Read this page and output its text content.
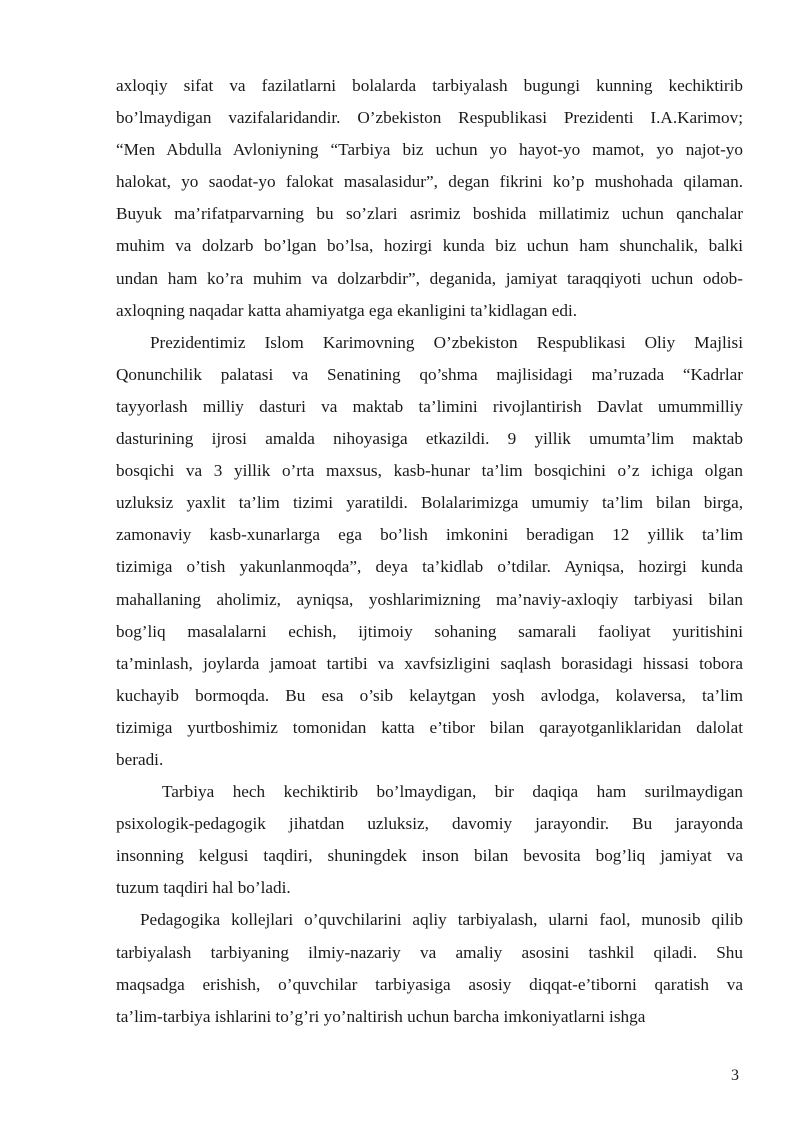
axloqiy sifat va fazilatlarni bolalarda tarbiyalash bugungi kunning kechiktirib
bo’lmaydigan vazifalaridandir. O’zbekiston Respublikasi Prezidenti I.A.Karimov;
“Men Abdulla Avloniyning “Tarbiya biz uchun yo hayot-yo mamot, yo najot-yo
halokat, yo saodat-yo falokat masalasidur”, degan fikrini ko’p mushohada qilaman.
Buyuk ma’rifatparvarning bu so’zlari asrimiz boshida millatimiz uchun qanchalar
muhim va dolzarb bo’lgan bo’lsa, hozirgi kunda biz uchun ham shunchalik, balki
undan ham ko’ra muhim va dolzarbdir”, deganida, jamiyat taraqqiyoti uchun odob-
axloqning naqadar katta ahamiyatga ega ekanligini ta’kidlagan edi.
Prezidentimiz Islom Karimovning O’zbekiston Respublikasi Oliy Majlisi
Qonunchilik palatasi va Senatining qo’shma majlisidagi ma’ruzada “Kadrlar
tayyorlash milliy dasturi va maktab ta’limini rivojlantirish Davlat umummilliy
dasturining ijrosi amalda nihoyasiga etkazildi. 9 yillik umumta’lim maktab
bosqichi va 3 yillik o’rta maxsus, kasb-hunar ta’lim bosqichini o’z ichiga olgan
uzluksiz yaxlit ta’lim tizimi yaratildi. Bolalarimizga umumiy ta’lim bilan birga,
zamonaviy kasb-xunarlarga ega bo’lish imkonini beradigan 12 yillik ta’lim
tizimiga o’tish yakunlanmoqda”, deya ta’kidlab o’tdilar. Ayniqsa, hozirgi kunda
mahallaning aholimiz, ayniqsa, yoshlarimizning ma’naviy-axloqiy tarbiyasi bilan
bog’liq masalalarni echish, ijtimoiy sohaning samarali faoliyat yuritishini
ta’minlash, joylarda jamoat tartibi va xavfsizligini saqlash borasidagi hissasi tobora
kuchayib bormoqda. Bu esa o’sib kelaytgan yosh avlodga, kolaversa, ta’lim
tizimiga yurtboshimiz tomonidan katta e’tibor bilan qarayotganliklaridan dalolat
beradi.
Tarbiya hech kechiktirib bo’lmaydigan, bir daqiqa ham surilmaydigan
psixologik-pedagogik jihatdan uzluksiz, davomiy jarayondir. Bu jarayonda
insonning kelgusi taqdiri, shuningdek inson bilan bevosita bog’liq jamiyat va
tuzum taqdiri hal bo’ladi.
Pedagogika kollejlari o’quvchilarini aqliy tarbiyalash, ularni faol, munosib qilib
tarbiyalash tarbiyaning ilmiy-nazariy va amaliy asosini tashkil qiladi. Shu
maqsadga erishish, o’quvchilar tarbiyasiga asosiy diqqat-e’tiborni qaratish va
ta’lim-tarbiya ishlarini to’g’ri yo’naltirish uchun barcha imkoniyatlarni ishga
3
